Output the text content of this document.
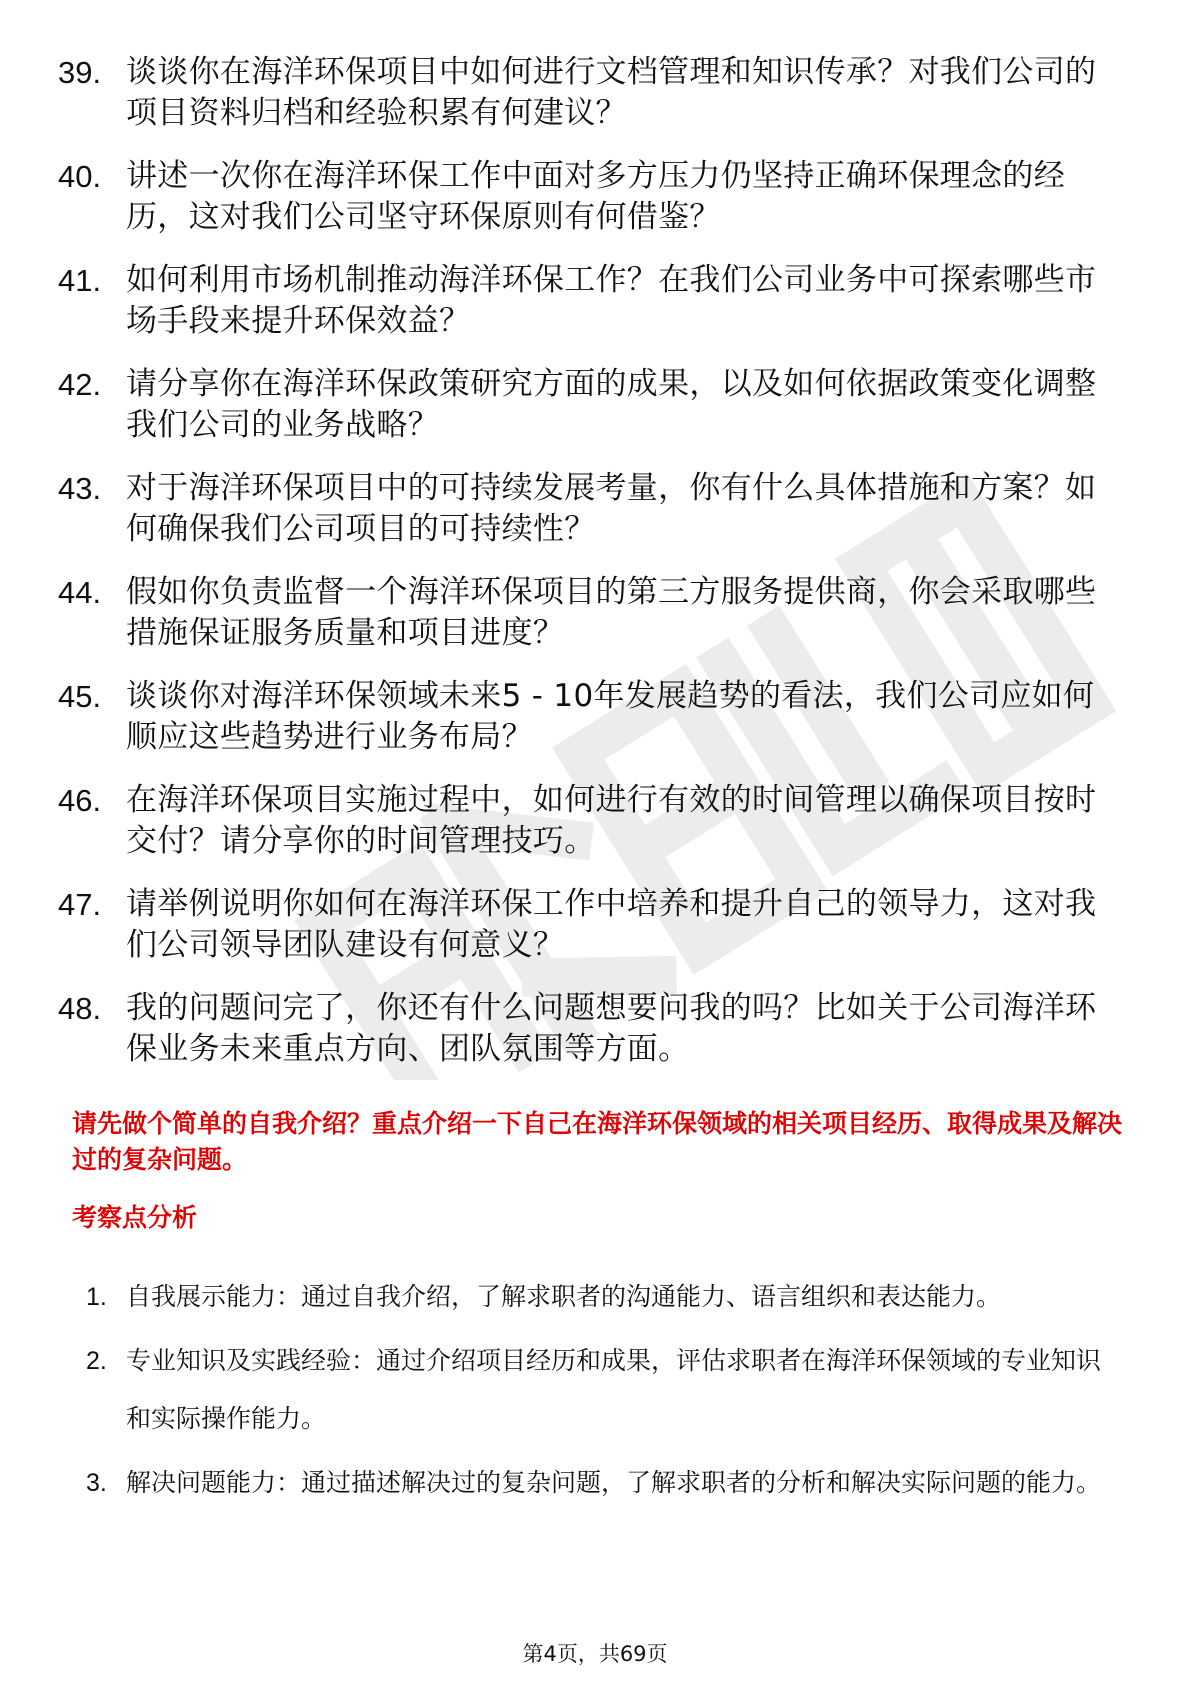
39. 谈谈你在海洋环保项目中如何进行文档管理和知识传承？对我们公司的项目资料归档和经验积累有何建议？
40. 讲述一次你在海洋环保工作中面对多方压力仍坚持正确环保理念的经历，这对我们公司坚守环保原则有何借鉴？
41. 如何利用市场机制推动海洋环保工作？在我们公司业务中可探索哪些市场手段来提升环保效益？
42. 请分享你在海洋环保政策研究方面的成果，以及如何依据政策变化调整我们公司的业务战略？
43. 对于海洋环保项目中的可持续发展考量，你有什么具体措施和方案？如何确保我们公司项目的可持续性？
44. 假如你负责监督一个海洋环保项目的第三方服务提供商，你会采取哪些措施保证服务质量和项目进度？
45. 谈谈你对海洋环保领域未来5 - 10年发展趋势的看法，我们公司应如何顺应这些趋势进行业务布局？
46. 在海洋环保项目实施过程中，如何进行有效的时间管理以确保项目按时交付？请分享你的时间管理技巧。
47. 请举例说明你如何在海洋环保工作中培养和提升自己的领导力，这对我们公司领导团队建设有何意义？
48. 我的问题问完了，你还有什么问题想要问我的吗？比如关于公司海洋环保业务未来重点方向、团队氛围等方面。
请先做个简单的自我介绍？重点介绍一下自己在海洋环保领域的相关项目经历、取得成果及解决过的复杂问题。
考察点分析
1. 自我展示能力：通过自我介绍，了解求职者的沟通能力、语言组织和表达能力。
2. 专业知识及实践经验：通过介绍项目经历和成果，评估求职者在海洋环保领域的专业知识和实际操作能力。
3. 解决问题能力：通过描述解决过的复杂问题，了解求职者的分析和解决实际问题的能力。
第4页，共69页
